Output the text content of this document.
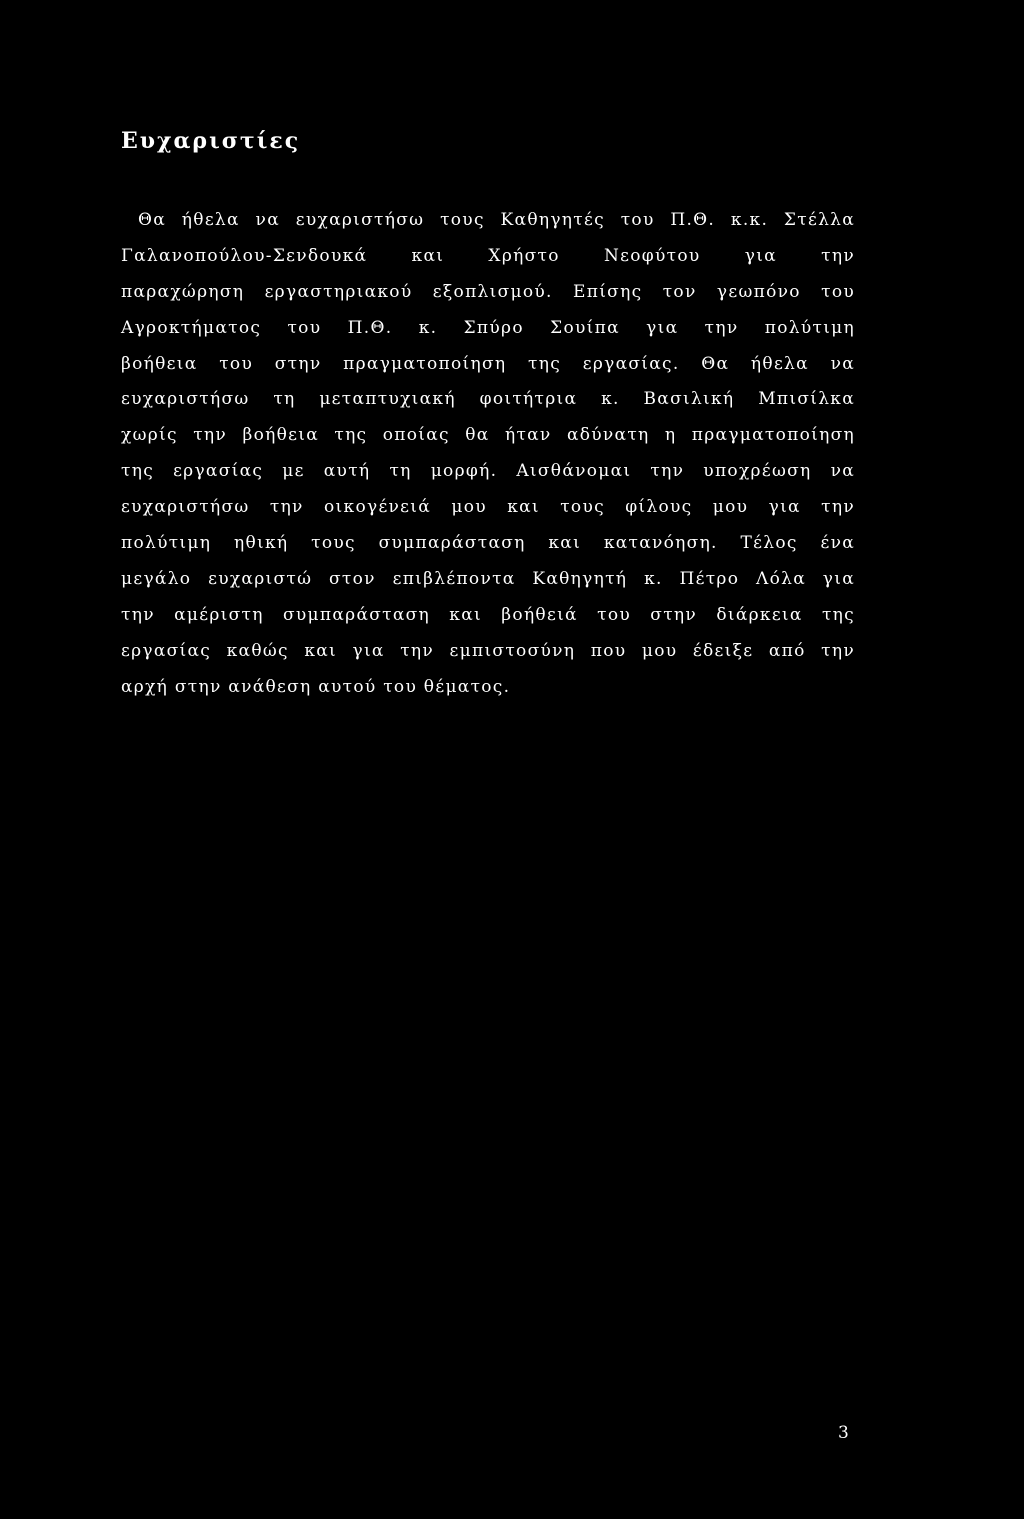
Ευχαριστίες
Θα ήθελα να ευχαριστήσω τους Καθηγητές του Π.Θ. κ.κ. Στέλλα
Γαλανοπούλου-Σενδουκά και Χρήστο Νεοφύτου για την
παραχώρηση εργαστηριακού εξοπλισμού. Επίσης τον γεωπόνο του
Αγροκτήματος του Π.Θ. κ. Σπύρο Σουίπα για την πολύτιμη
βοήθεια του στην πραγματοποίηση της εργασίας. Θα ήθελα να
ευχαριστήσω τη μεταπτυχιακή φοιτήτρια κ. Βασιλική Μπισίλκα
χωρίς την βοήθεια της οποίας θα ήταν αδύνατη η πραγματοποίηση
της εργασίας με αυτή τη μορφή. Αισθάνομαι την υποχρέωση να
ευχαριστήσω την οικογένειά μου και τους φίλους μου για την
πολύτιμη ηθική τους συμπαράσταση και κατανόηση. Τέλος ένα
μεγάλο ευχαριστώ στον επιβλέποντα Καθηγητή κ. Πέτρο Λόλα για
την αμέριστη συμπαράσταση και βοήθειά του στην διάρκεια της
εργασίας καθώς και για την εμπιστοσύνη που μου έδειξε από την
αρχή στην ανάθεση αυτού του θέματος.
3
